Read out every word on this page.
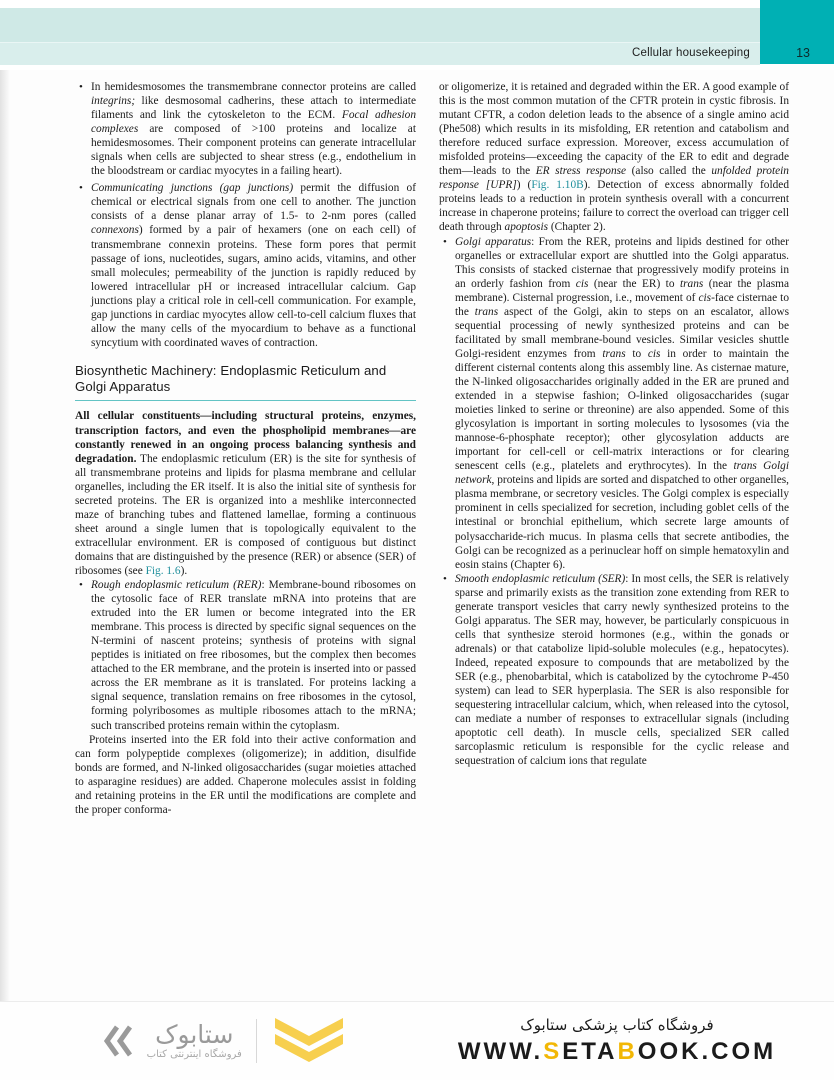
Cellular housekeeping	13
• In hemidesmosomes the transmembrane connector proteins are called integrins; like desmosomal cadherins, these attach to intermediate filaments and link the cytoskeleton to the ECM. Focal adhesion complexes are composed of >100 proteins and localize at hemidesmosomes. Their component proteins can generate intracellular signals when cells are subjected to shear stress (e.g., endothelium in the bloodstream or cardiac myocytes in a failing heart).
• Communicating junctions (gap junctions) permit the diffusion of chemical or electrical signals from one cell to another. The junction consists of a dense planar array of 1.5- to 2-nm pores (called connexons) formed by a pair of hexamers (one on each cell) of transmembrane connexin proteins. These form pores that permit passage of ions, nucleotides, sugars, amino acids, vitamins, and other small molecules; permeability of the junction is rapidly reduced by lowered intracellular pH or increased intracellular calcium. Gap junctions play a critical role in cell-cell communication. For example, gap junctions in cardiac myocytes allow cell-to-cell calcium fluxes that allow the many cells of the myocardium to behave as a functional syncytium with coordinated waves of contraction.
Biosynthetic Machinery: Endoplasmic Reticulum and Golgi Apparatus

All cellular constituents—including structural proteins, enzymes, transcription factors, and even the phospholipid membranes—are constantly renewed in an ongoing process balancing synthesis and degradation. The endoplasmic reticulum (ER) is the site for synthesis of all transmembrane proteins and lipids for plasma membrane and cellular organelles, including the ER itself. It is also the initial site of synthesis for secreted proteins. The ER is organized into a meshlike interconnected maze of branching tubes and flattened lamellae, forming a continuous sheet around a single lumen that is topologically equivalent to the extracellular environment. ER is composed of contiguous but distinct domains that are distinguished by the presence (RER) or absence (SER) of ribosomes (see Fig. 1.6).

• Rough endoplasmic reticulum (RER): Membrane-bound ribosomes on the cytosolic face of RER translate mRNA into proteins that are extruded into the ER lumen or become integrated into the ER membrane. This process is directed by specific signal sequences on the N-termini of nascent proteins; synthesis of proteins with signal peptides is initiated on free ribosomes, but the complex then becomes attached to the ER membrane, and the protein is inserted into or passed across the ER membrane as it is translated. For proteins lacking a signal sequence, translation remains on free ribosomes in the cytosol, forming polyribosomes as multiple ribosomes attach to the mRNA; such transcribed proteins remain within the cytoplasm.

Proteins inserted into the ER fold into their active conformation and can form polypeptide complexes (oligomerize); in addition, disulfide bonds are formed, and N-linked oligosaccharides (sugar moieties attached to asparagine residues) are added. Chaperone molecules assist in folding and retaining proteins in the ER until the modifications are complete and the proper conforma-

or oligomerize, it is retained and degraded within the ER. A good example of this is the most common mutation of the CFTR protein in cystic fibrosis. In mutant CFTR, a codon deletion leads to the absence of a single amino acid (Phe508) which results in its misfolding, ER retention and catabolism and therefore reduced surface expression. Moreover, excess accumulation of misfolded proteins—exceeding the capacity of the ER to edit and degrade them—leads to the ER stress response (also called the unfolded protein response [UPR]) (Fig. 1.10B). Detection of excess abnormally folded proteins leads to a reduction in protein synthesis overall with a concurrent increase in chaperone proteins; failure to correct the overload can trigger cell death through apoptosis (Chapter 2).

• Golgi apparatus: From the RER, proteins and lipids destined for other organelles or extracellular export are shuttled into the Golgi apparatus. This consists of stacked cisternae that progressively modify proteins in an orderly fashion from cis (near the ER) to trans (near the plasma membrane). Cisternal progression, i.e., movement of cis-face cisternae to the trans aspect of the Golgi, akin to steps on an escalator, allows sequential processing of newly synthesized proteins and can be facilitated by small membrane-bound vesicles. Similar vesicles shuttle Golgi-resident enzymes from trans to cis in order to maintain the different cisternal contents along this assembly line. As cisternae mature, the N-linked oligosaccharides originally added in the ER are pruned and extended in a stepwise fashion; O-linked oligosaccharides (sugar moieties linked to serine or threonine) are also appended. Some of this glycosylation is important in sorting molecules to lysosomes (via the mannose-6-phosphate receptor); other glycosylation adducts are important for cell-cell or cell-matrix interactions or for clearing senescent cells (e.g., platelets and erythrocytes). In the trans Golgi network, proteins and lipids are sorted and dispatched to other organelles, plasma membrane, or secretory vesicles. The Golgi complex is especially prominent in cells specialized for secretion, including goblet cells of the intestinal or bronchial epithelium, which secrete large amounts of polysaccharide-rich mucus. In plasma cells that secrete antibodies, the Golgi can be recognized as a perinuclear hoff on simple hematoxylin and eosin stains (Chapter 6).
• Smooth endoplasmic reticulum (SER): In most cells, the SER is relatively sparse and primarily exists as the transition zone extending from RER to generate transport vesicles that carry newly synthesized proteins to the Golgi apparatus. The SER may, however, be particularly conspicuous in cells that synthesize steroid hormones (e.g., within the gonads or adrenals) or that catabolize lipid-soluble molecules (e.g., hepatocytes). Indeed, repeated exposure to compounds that are metabolized by the SER (e.g., phenobarbital, which is catabolized by the cytochrome P-450 system) can lead to SER hyperplasia. The SER is also responsible for sequestering intracellular calcium, which, when released into the cytosol, can mediate a number of responses to extracellular signals (including apoptotic cell death). In muscle cells, specialized SER called sarcoplasmic reticulum is responsible for the cyclic release and sequestration of calcium ions that regulate
ستابوک
فروشگاه اینترنتی کتاب
فروشگاه کتاب پزشکی ستابوک
WWW.SETABOOK.COM
